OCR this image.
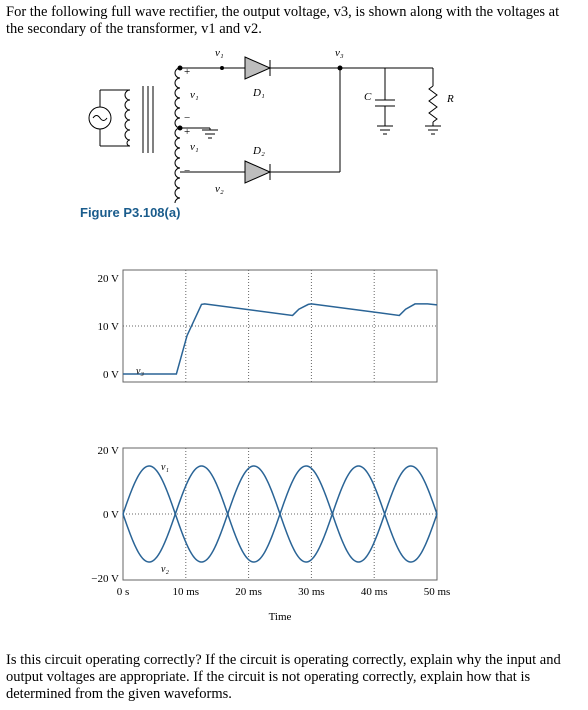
For the following full wave rectifier, the output voltage, v3, is shown along with the voltages at the secondary of the transformer, v1 and v2.
+
v₁
−
+
v₁
−
v₁	v₃
D₁
D₂
v₂
C	R
Figure P3.108(a)
20 V
10 V
0 V v₃
20 V
0 V
−20 V
0 s	10 ms	20 ms	30 ms	40 ms	50 ms
v₁
v₂
Time
Is this circuit operating correctly? If the circuit is operating correctly, explain why the input and output voltages are appropriate. If the circuit is not operating correctly, explain how that is determined from the given waveforms.
